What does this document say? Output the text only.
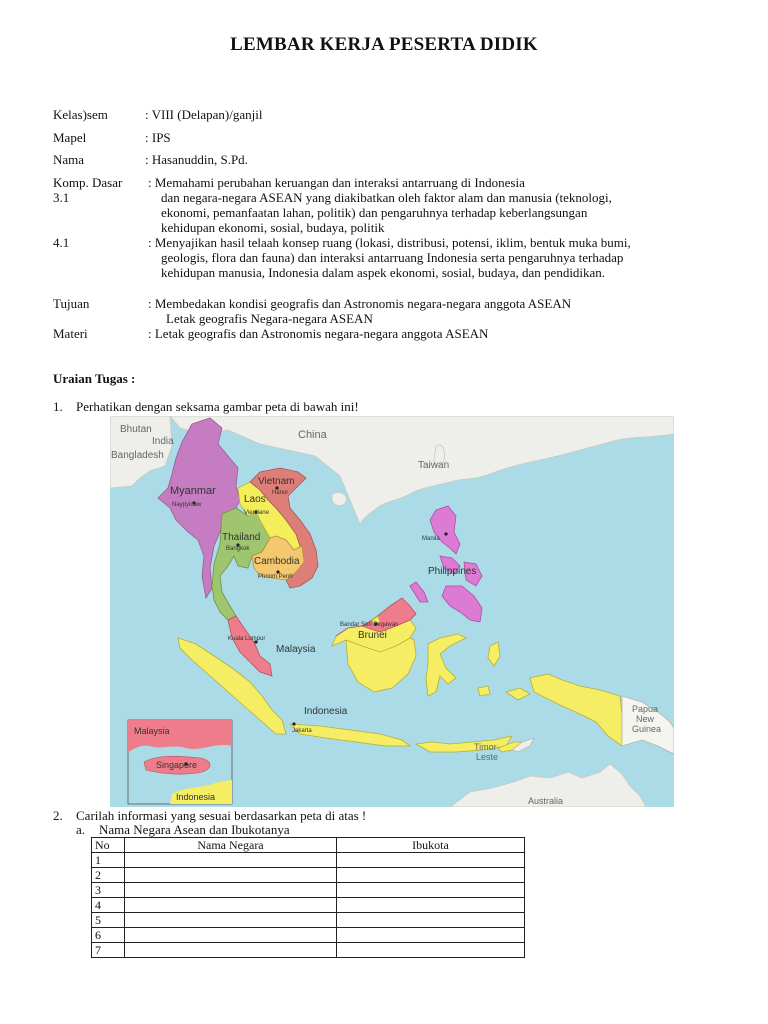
LEMBAR KERJA PESERTA DIDIK
Kelas)sem	: VIII (Delapan)/ganjil
Mapel	: IPS
Nama	: Hasanuddin, S.Pd.
Komp. Dasar
3.1
: Memahami perubahan keruangan dan interaksi antarruang di Indonesia
dan negara-negara ASEAN yang diakibatkan oleh faktor alam dan manusia (teknologi,
ekonomi, pemanfaatan lahan, politik) dan pengaruhnya terhadap keberlangsungan
kehidupan ekonomi, sosial, budaya, politik
4.1	: Menyajikan hasil telaah konsep ruang (lokasi, distribusi, potensi, iklim, bentuk muka bumi,
geologis, flora dan fauna) dan interaksi antarruang Indonesia serta pengaruhnya terhadap
kehidupan manusia, Indonesia dalam aspek ekonomi, sosial, budaya, dan pendidikan.
Tujuan	: Membedakan kondisi geografis dan Astronomis negara-negara anggota ASEAN
Letak geografis Negara-negara ASEAN
Materi	: Letak geografis dan Astronomis negara-negara anggota ASEAN
Uraian Tugas :
1. Perhatikan dengan seksama gambar peta di bawah ini!
Bhutan
India
Bangladesh
China
Taiwan
Myanmar
Naypyidaw
Vietnam
Hanoi
Laos
Vientiane
Thailand
Bangkok
Cambodia
Phnom Penh
Manila
Philippines
Bandar Seri Begawan
Brunei
Kuala Lumpur
Malaysia
Indonesia
Jakarta
Papua
New
Guinea
Timor
Leste
Australia
Malaysia
Singapore
Indonesia
2. Carilah informasi yang sesuai berdasarkan peta di atas !
a. Nama Negara Asean dan Ibukotanya
No	Nama Negara	Ibukota
1		
2		
3		
4		
5		
6		
7		
